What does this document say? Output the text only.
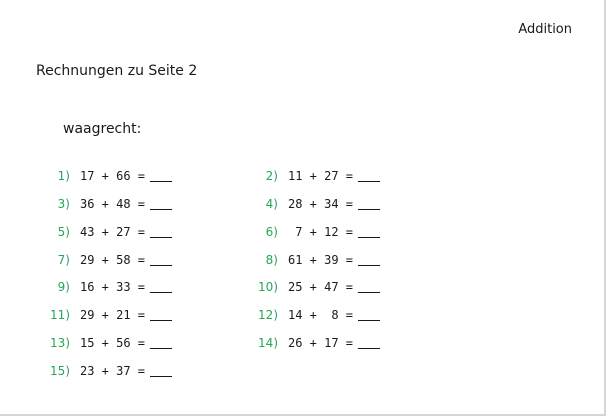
Addition
Rechnungen zu Seite 2
waagrecht:
1) 17 + 66 =	2) 11 + 27 =
3) 36 + 48 =	4) 28 + 34 =
5) 43 + 27 =	6) 7 + 12 =
7) 29 + 58 =	8) 61 + 39 =
9) 16 + 33 =	10) 25 + 47 =
11) 29 + 21 =	12) 14 +  8 =
13) 15 + 56 =	14) 26 + 17 =
15) 23 + 37 =
